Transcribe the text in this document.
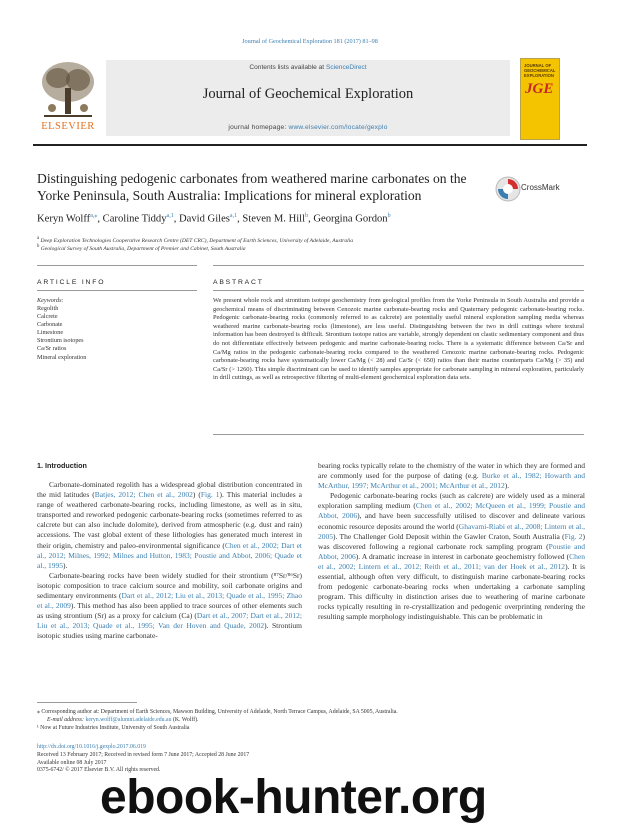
Journal of Geochemical Exploration 181 (2017) 81–98
Contents lists available at ScienceDirect
Journal of Geochemical Exploration
journal homepage: www.elsevier.com/locate/gexplo
ELSEVIER
JOURNAL OF GEOCHEMICAL EXPLORATION
JGE
Distinguishing pedogenic carbonates from weathered marine carbonates on the Yorke Peninsula, South Australia: Implications for mineral exploration
CrossMark
Keryn Wolff$^{a,⁎}$, Caroline Tiddy$^{a,1}$, David Giles$^{a,1}$, Steven M. Hill$^b$, Georgina Gordon$^b$
$^a$ Deep Exploration Technologies Cooperative Research Centre (DET CRC), Department of Earth Sciences, University of Adelaide, Australia
$^b$ Geological Survey of South Australia, Department of Premier and Cabinet, South Australia
ARTICLE INFO	ABSTRACT
Keywords:
Regolith
Calcrete
Carbonate
Limestone
Strontium isotopes
Ca/Sr ratios
Mineral exploration
We present whole rock and strontium isotope geochemistry from geological profiles from the Yorke Peninsula in South Australia and provide a geochemical means of discriminating between Cenozoic marine carbonate-bearing rocks and Quaternary pedogenic carbonate-bearing rocks. Pedogenic carbonate-bearing rocks (commonly referred to as calcrete) are potentially useful mineral exploration sampling media whereas weathered marine carbonate-bearing rocks (limestone), are less useful. Distinguishing between the two in drill cuttings where textural information has been destroyed is difficult. Strontium isotope ratios are variable, strongly dependent on clastic sedimentary component and thus do not differentiate effectively between pedogenic and marine carbonate-bearing rocks. There is a systematic difference between Ca/Sr and Ca/Mg ratios in the pedogenic carbonate-bearing rocks compared to the weathered Cenozoic marine carbonate-bearing rocks. Pedogenic carbonate-bearing rocks have systematically lower Ca/Mg (< 28) and Ca/Sr (< 650) ratios than their marine counterparts Ca/Mg (> 35) and Ca/Sr (> 1260). This simple discriminant can be used to identify samples appropriate for carbonate sampling in mineral exploration, particularly in drill cuttings, as well as retrospective filtering of multi-element geochemical exploration data sets.
1. Introduction

Carbonate-dominated regolith has a widespread global distribution concentrated in the mid latitudes (Batjes, 2012; Chen et al., 2002) (Fig. 1). This material includes a range of weathered carbonate-bearing rocks, including limestone, as well as in situ, transported and reworked pedogenic carbonate-bearing rocks (sometimes referred to as calcrete but can also include dolomite), derived from atmospheric (e.g. dust and rain) accessions. The vast global extent of these lithologies has generated much interest in their origin, chemistry and paleo-environmental significance (Chen et al., 2002; Dart et al., 2012; Milnes, 1992; Milnes and Hutton, 1983; Poustie and Abbot, 2006; Quade et al., 1995).

Carbonate-bearing rocks have been widely studied for their strontium (⁸⁷Sr/⁸⁶Sr) isotopic composition to trace calcium source and mobility, soil carbonate origins and sedimentary environments (Dart et al., 2012; Liu et al., 2013; Quade et al., 1995; Zhao et al., 2009). This method has also been applied to trace sources of other elements such as using strontium (Sr) as a proxy for calcium (Ca) (Dart et al., 2007; Dart et al., 2012; Liu et al., 2013; Quade et al., 1995; Van der Hoven and Quade, 2002). Strontium isotopic studies using marine carbonate-

bearing rocks typically relate to the chemistry of the water in which they are formed and are commonly used for the purpose of dating (e.g. Burke et al., 1982; Howarth and McArthur, 1997; McArthur et al., 2001; McArthur et al., 2012).

Pedogenic carbonate-bearing rocks (such as calcrete) are widely used as a mineral exploration sampling medium (Chen et al., 2002; McQueen et al., 1999; Poustie and Abbot, 2006), and have been successfully utilised to discover and delineate various economic resource deposits around the world (Ghavami-Riabi et al., 2008; Lintern et al., 2005). The Challenger Gold Deposit within the Gawler Craton, South Australia (Fig. 2) was discovered following a regional carbonate rock sampling program (Poustie and Abbot, 2006). A dramatic increase in interest in carbonate geochemistry followed (Chen et al., 2002; Lintern et al., 2012; Reith et al., 2011; van der Hoek et al., 2012). It is essential, although often very difficult, to distinguish marine carbonate-bearing rocks from pedogenic carbonate-bearing rocks when undertaking a carbonate sampling program. This difficulty in distinction arises due to weathering of marine carbonate rocks typically resulting in re-crystallization and pedogenic overprinting rendering the resulting sample morphology indistinguishable. This can be problematic in

⁎ Corresponding author at: Department of Earth Sciences, Mawson Building, University of Adelaide, North Terrace Campus, Adelaide, SA 5005, Australia.
E-mail address: keryn.wolff@alumni.adelaide.edu.au (K. Wolff).
¹ Now at Future Industries Institute, University of South Australia
http://dx.doi.org/10.1016/j.gexplo.2017.06.019
Received 13 February 2017; Received in revised form 7 June 2017; Accepted 28 June 2017
Available online 08 July 2017
0375-6742/ © 2017 Elsevier B.V. All rights reserved.
ebook-hunter.org
